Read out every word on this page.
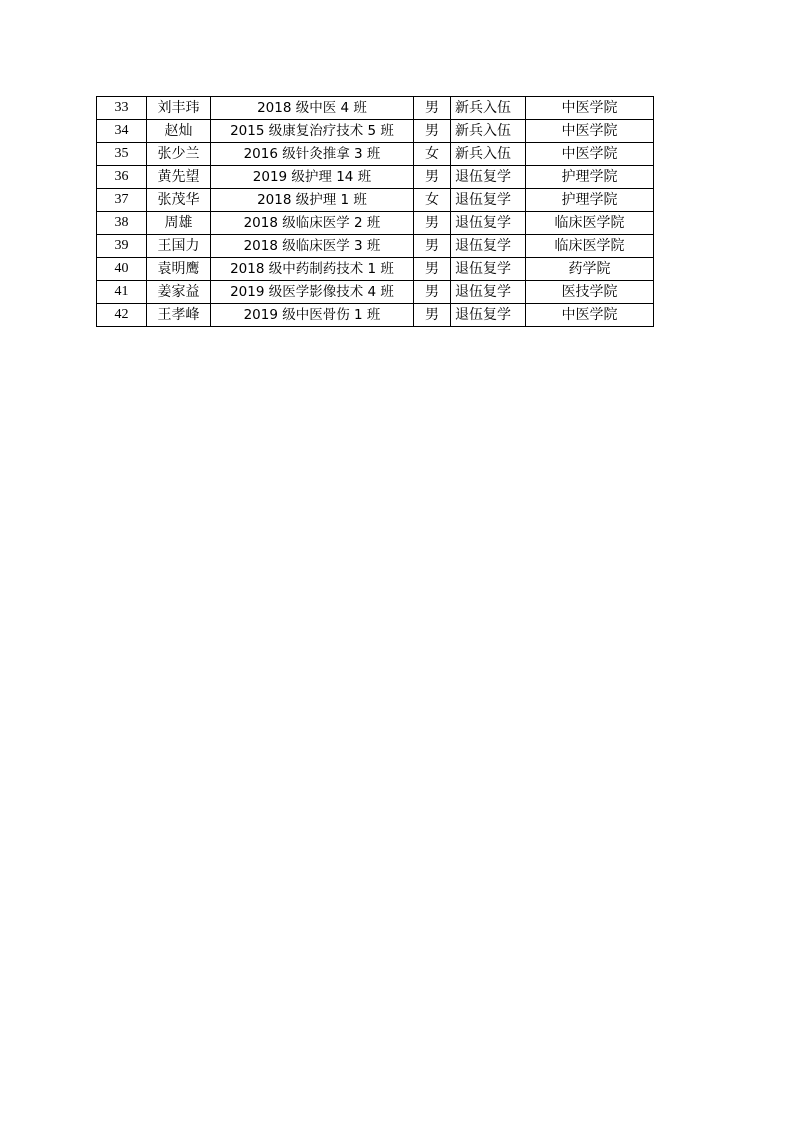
33	刘丰玮	2018 级中医 4 班	男	新兵入伍	中医学院
34	赵灿	2015 级康复治疗技术 5 班	男	新兵入伍	中医学院
35	张少兰	2016 级针灸推拿 3 班	女	新兵入伍	中医学院
36	黄先望	2019 级护理 14 班	男	退伍复学	护理学院
37	张茂华	2018 级护理 1 班	女	退伍复学	护理学院
38	周雄	2018 级临床医学 2 班	男	退伍复学	临床医学院
39	王国力	2018 级临床医学 3 班	男	退伍复学	临床医学院
40	袁明鹰	2018 级中药制药技术 1 班	男	退伍复学	药学院
41	姜家益	2019 级医学影像技术 4 班	男	退伍复学	医技学院
42	王孝峰	2019 级中医骨伤 1 班	男	退伍复学	中医学院
